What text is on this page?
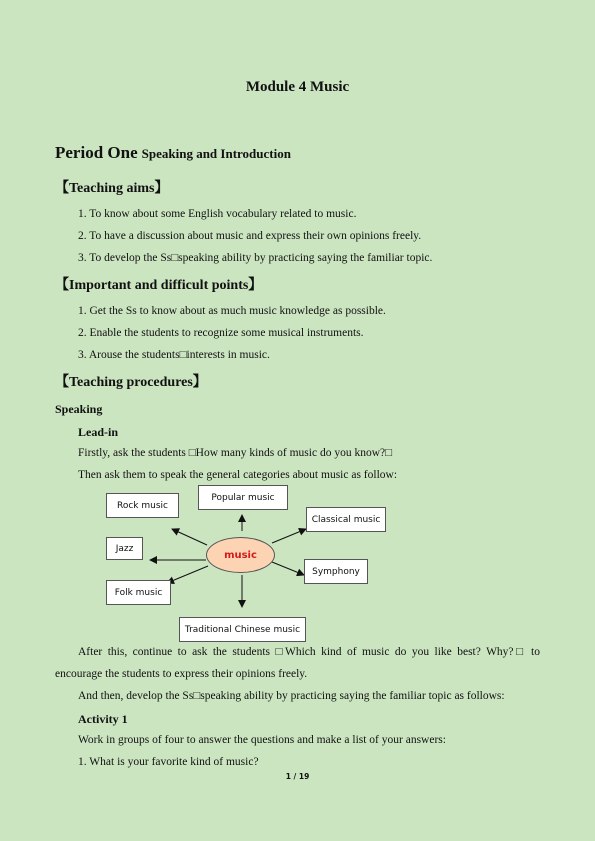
Module 4 Music
Period One Speaking and Introduction
【Teaching aims】
1. To know about some English vocabulary related to music.
2. To have a discussion about music and express their own opinions freely.
3. To develop the Ss□speaking ability by practicing saying the familiar topic.
【Important and difficult points】
1. Get the Ss to know about as much music knowledge as possible.
2. Enable the students to recognize some musical instruments.
3. Arouse the students□interests in music.
【Teaching procedures】
Speaking
Lead-in
Firstly, ask the students □How many kinds of music do you know?□
Then ask them to speak the general categories about music as follow:
Rock music
Popular music
Classical music
Jazz
Symphony
Folk music
Traditional Chinese music
music
After this, continue to ask the students □Which kind of music do you like best? Why?□ to
encourage the students to express their opinions freely.
And then, develop the Ss□speaking ability by practicing saying the familiar topic as follows:
Activity 1
Work in groups of four to answer the questions and make a list of your answers:
1. What is your favorite kind of music?
1 / 19
